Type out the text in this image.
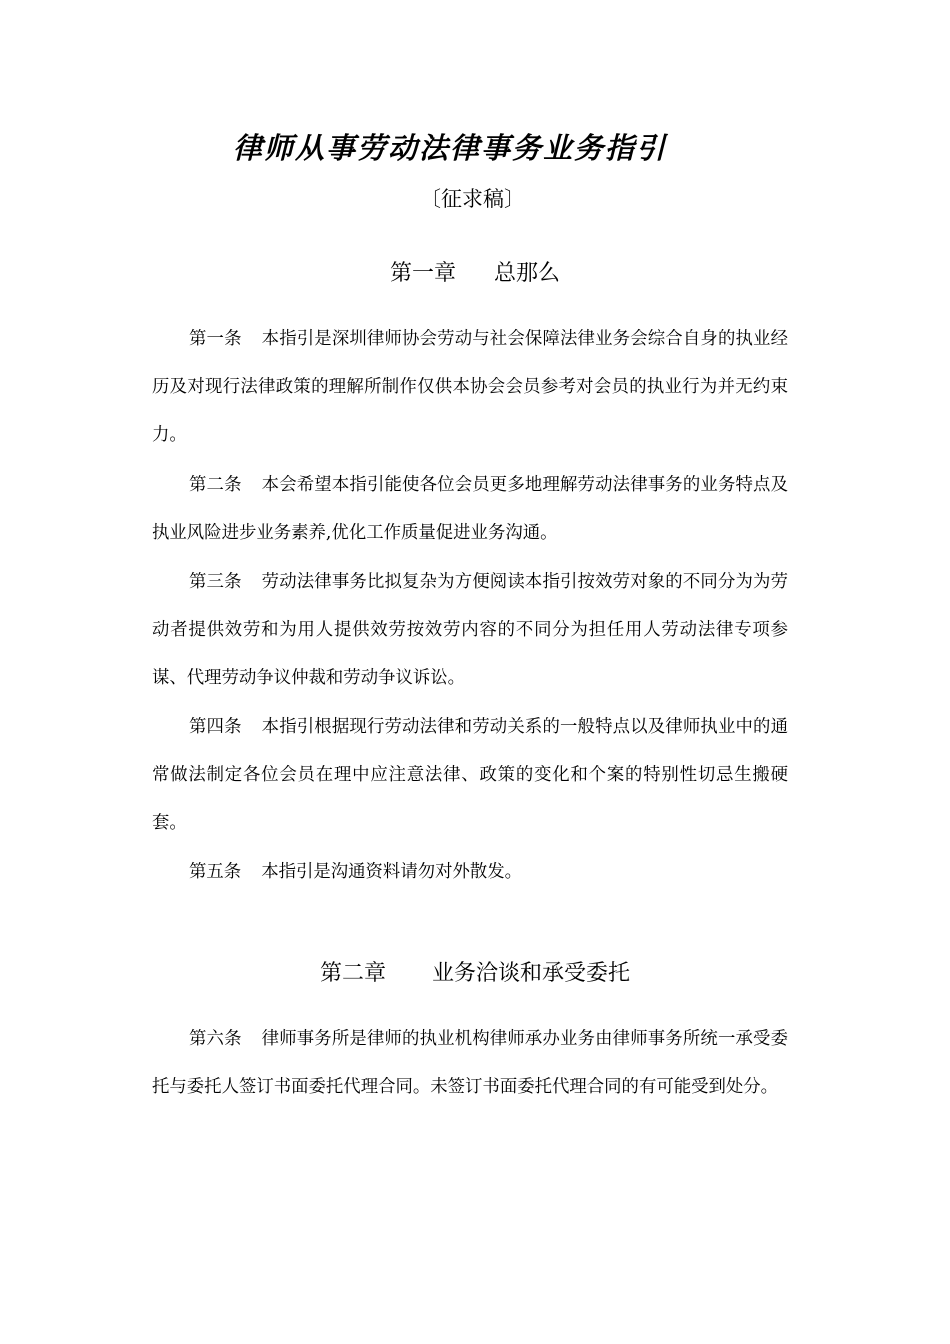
律师从事劳动法律事务业务指引

〔征求稿〕

第一章 总那么

第一条 本指引是深圳律师协会劳动与社会保障法律业务会综合自身的执业经历及对现行法律政策的理解所制作仅供本协会会员参考对会员的执业行为并无约束力。

第二条 本会希望本指引能使各位会员更多地理解劳动法律事务的业务特点及执业风险进步业务素养,优化工作质量促进业务沟通。

第三条 劳动法律事务比拟复杂为方便阅读本指引按效劳对象的不同分为为劳动者提供效劳和为用人提供效劳按效劳内容的不同分为担任用人劳动法律专项参谋、代理劳动争议仲裁和劳动争议诉讼。

第四条 本指引根据现行劳动法律和劳动关系的一般特点以及律师执业中的通常做法制定各位会员在理中应注意法律、政策的变化和个案的特别性切忌生搬硬套。

第五条 本指引是沟通资料请勿对外散发。

第二章 业务洽谈和承受委托

第六条 律师事务所是律师的执业机构律师承办业务由律师事务所统一承受委托与委托人签订书面委托代理合同。未签订书面委托代理合同的有可能受到处分。
